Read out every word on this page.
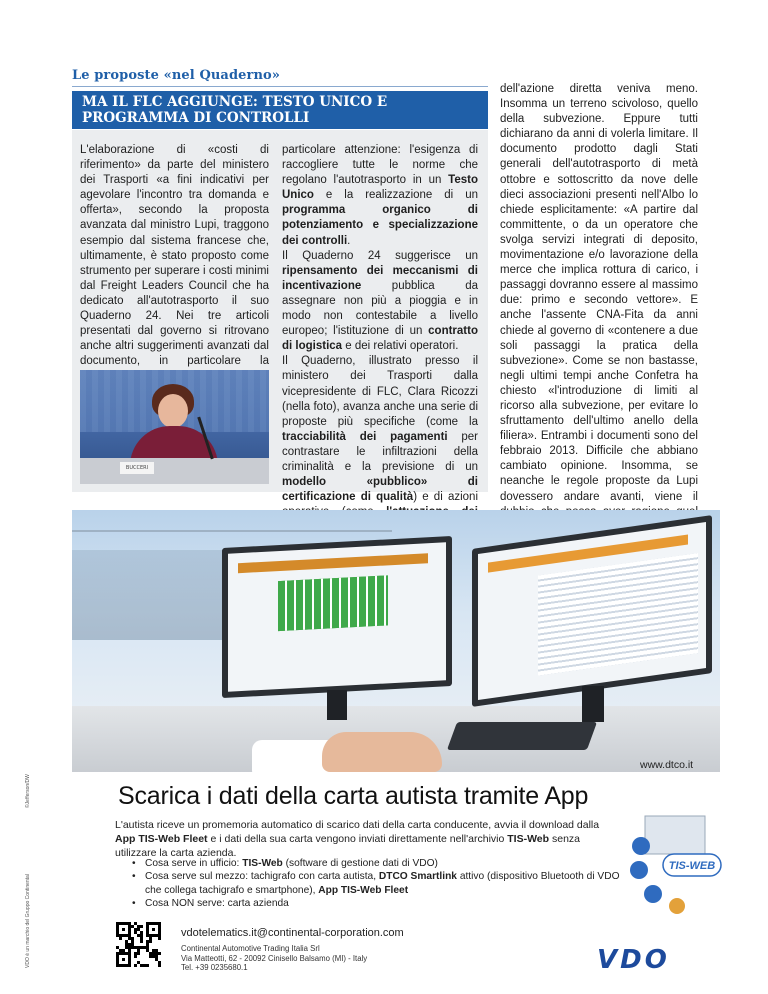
Le proposte «nel Quaderno»
MA IL FLC AGGIUNGE: TESTO UNICO E PROGRAMMA DI CONTROLLI

L'elaborazione di «costi di riferimento» da parte del ministero dei Trasporti «a fini indicativi per agevolare l'incontro tra domanda e offerta», secondo la proposta avanzata dal ministro Lupi, traggono esempio dal sistema francese che, ultimamente, è stato proposto come strumento per superare i costi minimi dal Freight Leaders Council che ha dedicato all'autotrasporto il suo Quaderno 24. Nei tre articoli presentati dal governo si ritrovano anche altri suggerimenti avanzati dal documento, in particolare la

BUCCERI

particolare attenzione: l'esigenza di raccogliere tutte le norme che regolano l'autotrasporto in un Testo Unico e la realizzazione di un programma organico di potenziamento e specializzazione dei controlli.

Il Quaderno 24 suggerisce un ripensamento dei meccanismi di incentivazione pubblica da assegnare non più a pioggia e in modo non contestabile a livello europeo; l'istituzione di un contratto di logistica e dei relativi operatori.

Il Quaderno, illustrato presso il ministero dei Trasporti dalla vicepresidente di FLC, Clara Ricozzi (nella foto), avanza anche una serie di proposte più specifiche (come la tracciabilità dei pagamenti per contrastare le infiltrazioni della criminalità e la previsione di un modello «pubblico» di certificazione di qualità) e di azioni

dell'azione diretta veniva meno. Insomma un terreno scivoloso, quello della subvezione. Eppure tutti dichiarano da anni di volerla limitare. Il documento prodotto dagli Stati generali dell'autotrasporto di metà ottobre e sottoscritto da nove delle dieci associazioni presenti nell'Albo lo chiede esplicitamente: «A partire dal committente, o da un operatore che svolga servizi integrati di deposito, movimentazione e/o lavorazione della merce che implica rottura di carico, i passaggi dovranno essere al massimo due: primo e secondo vettore». E anche l'assente CNA-Fita da anni chiede al governo di «contenere a due soli passaggi la pratica della subvezione». Come se non bastasse, negli ultimi tempi anche Confetra ha chiesto «l'introduzione di limiti al ricorso alla subvezione, per evitare lo sfruttamento dell'ultimo anello della filiera». Entrambi i documenti sono del febbraio 2013. Difficile che abbiano cambiato opinione. Insomma, se neanche le regole proposte da Lupi dovessero andare avanti, viene il

www.dtco.it
Scarica i dati della carta autista tramite App
L'autista riceve un promemoria automatico di scarico dati della carta conducente, avvia il download dalla App TIS-Web Fleet e i dati della sua carta vengono inviati direttamente nell'archivio TIS-Web senza utilizzare la carta azienda.
• Cosa serve in ufficio: TIS-Web (software di gestione dati di VDO)
• Cosa serve sul mezzo: tachigrafo con carta autista, DTCO Smartlink attivo (dispositivo Bluetooth di VDO che collega tachigrafo e smartphone), App TIS-Web Fleet
• Cosa NON serve: carta azienda
TIS-WEB
vdotelematics.it@continental-corporation.com
Continental Automotive Trading Italia Srl
Via Matteotti, 62 - 20092 Cinisello Balsamo (MI) - Italy
Tel. +39 0235680.1	VDO
©Jefferson/DW
VDO è un marchio del Gruppo Continental
